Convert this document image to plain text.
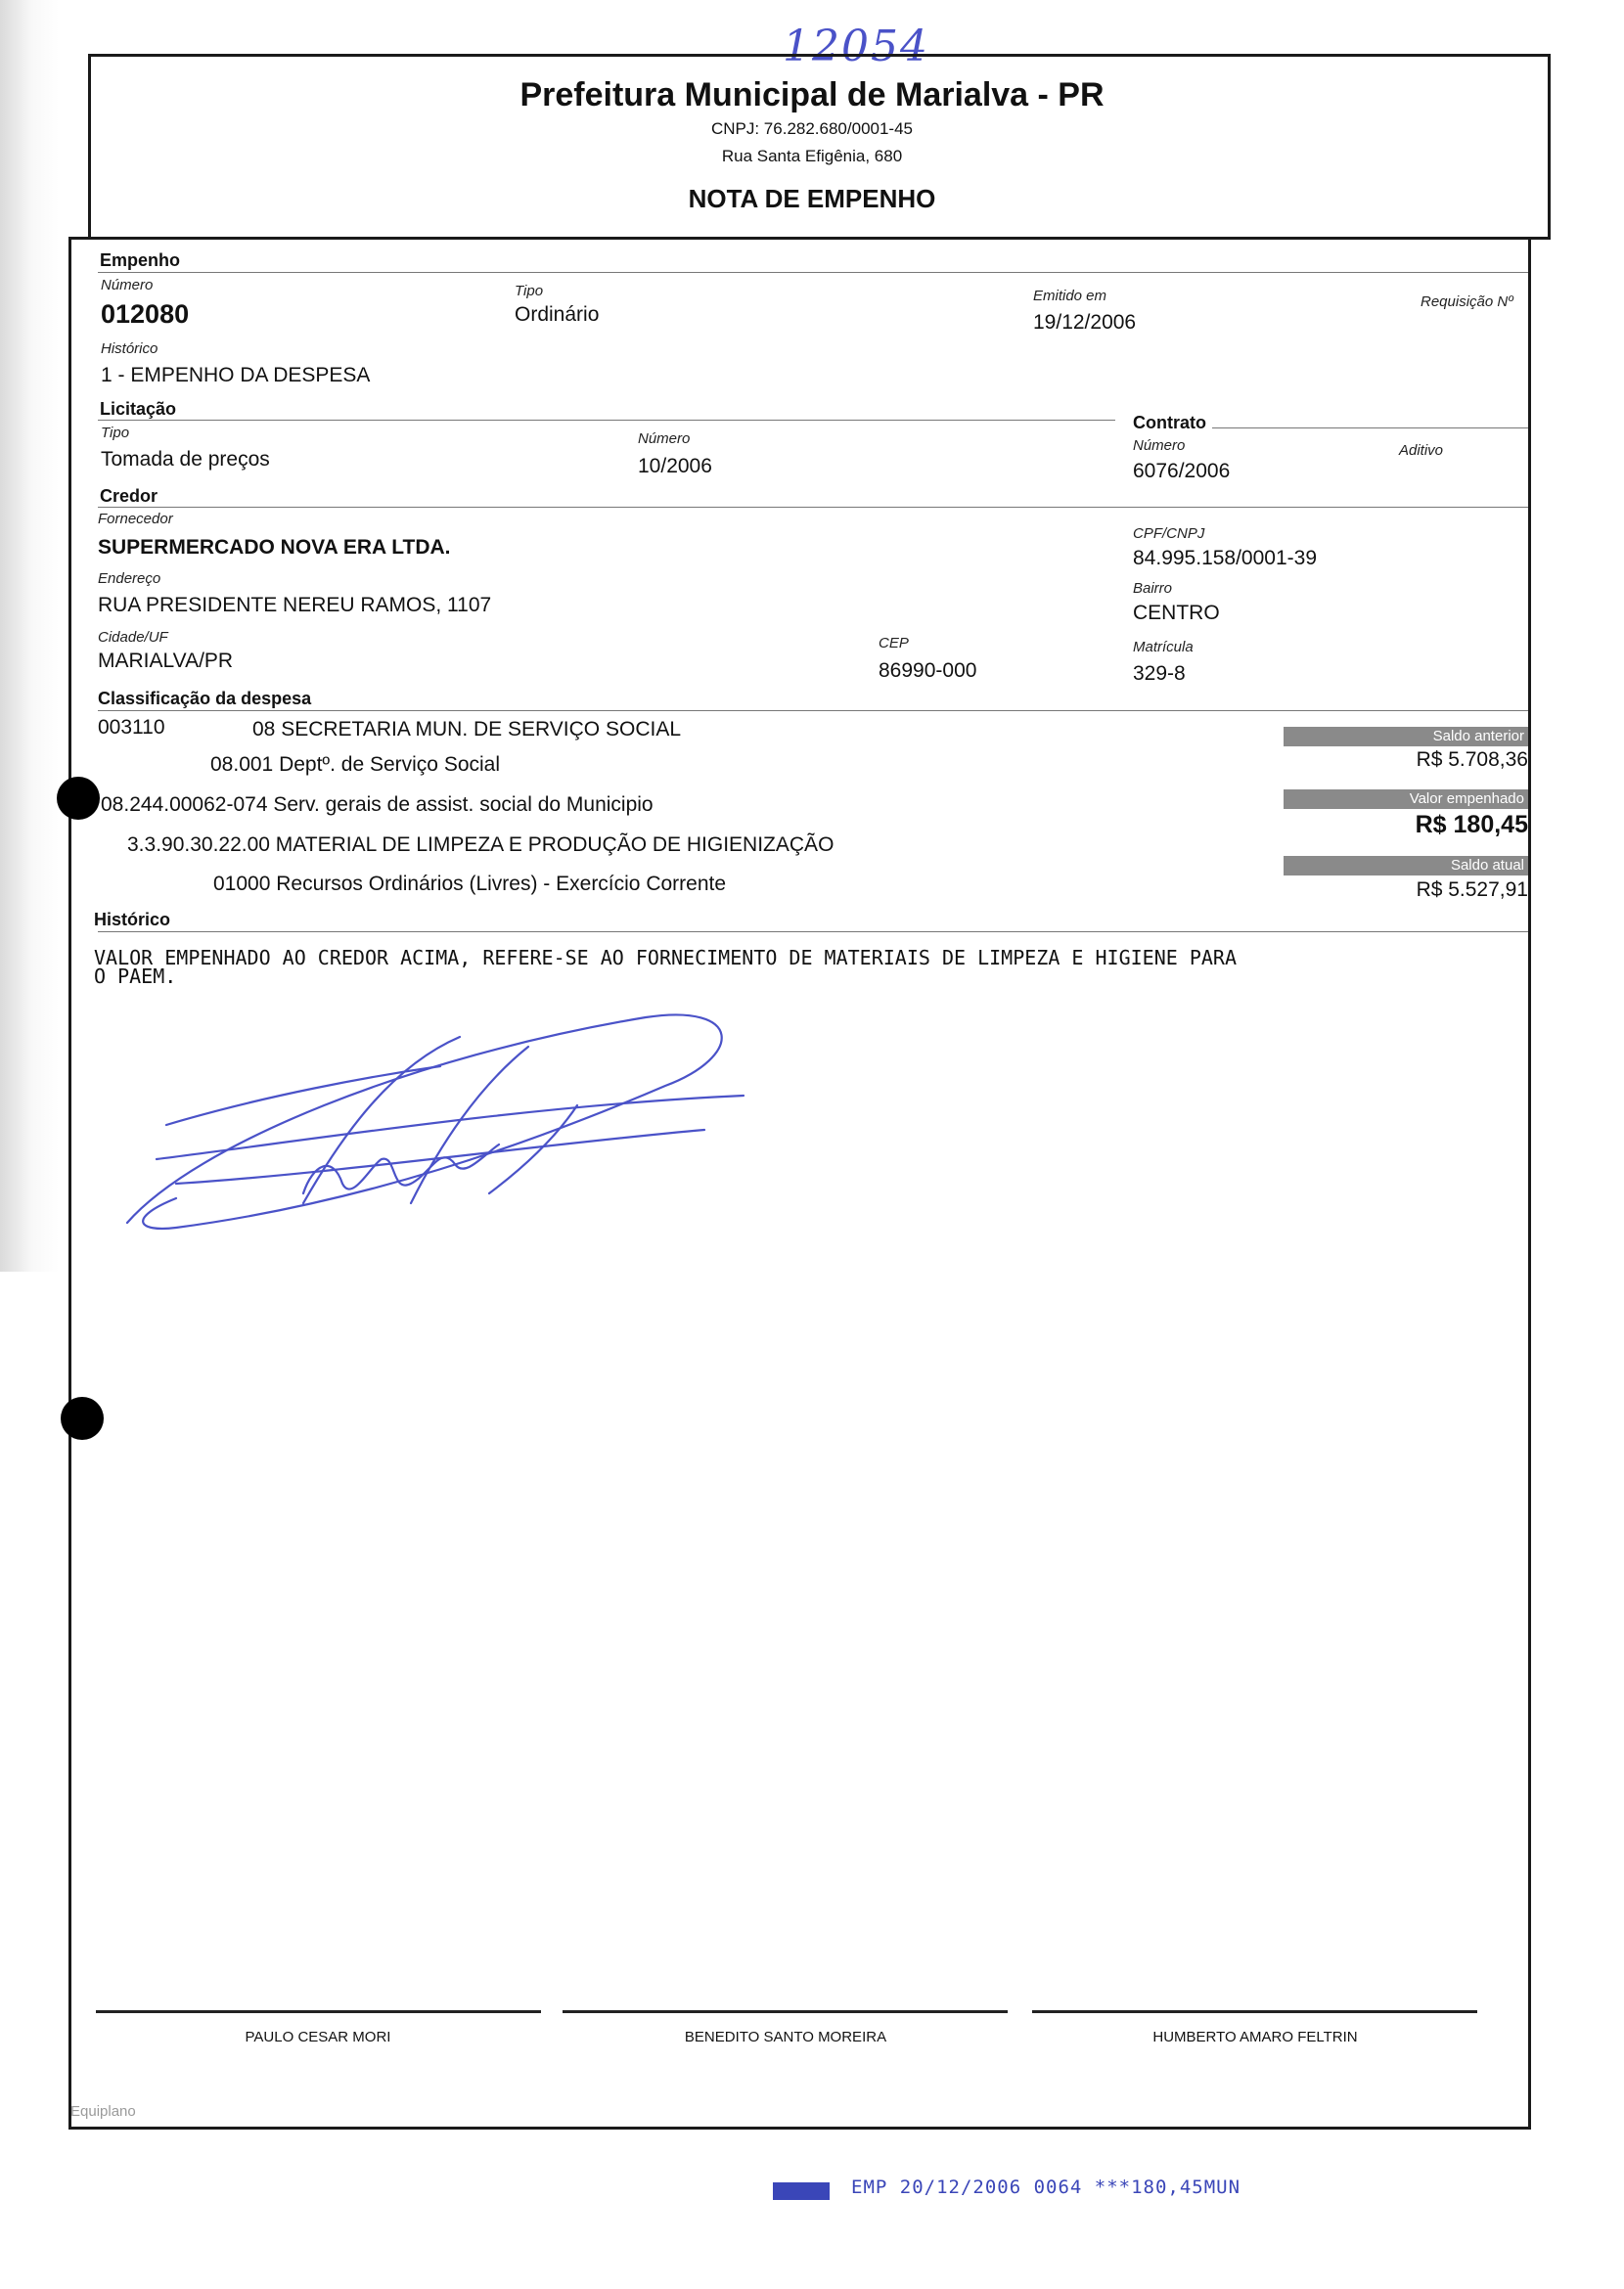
12054
Prefeitura Municipal de Marialva - PR
CNPJ: 76.282.680/0001-45
Rua Santa Efigênia, 680
NOTA DE EMPENHO
Empenho
Número
012080
Tipo
Ordinário
Emitido em
19/12/2006
Requisição Nº
Histórico
1 - EMPENHO DA DESPESA
Licitação
Tipo
Tomada de preços
Número
10/2006
Contrato
Número
6076/2006
Aditivo
Credor
Fornecedor
SUPERMERCADO NOVA ERA LTDA.
CPF/CNPJ
84.995.158/0001-39
Endereço
RUA PRESIDENTE NEREU RAMOS, 1107
Bairro
CENTRO
Cidade/UF
MARIALVA/PR
CEP
86990-000
Matrícula
329-8
Classificação da despesa
003110	08 SECRETARIA MUN. DE SERVIÇO SOCIAL
08.001 Deptº. de Serviço Social
08.244.00062-074 Serv. gerais de assist. social do Municipio
3.3.90.30.22.00 MATERIAL DE LIMPEZA E PRODUÇÃO DE HIGIENIZAÇÃO
01000 Recursos Ordinários (Livres) - Exercício Corrente
Saldo anterior
R$ 5.708,36
Valor empenhado
R$ 180,45
Saldo atual
R$ 5.527,91
Histórico
VALOR EMPENHADO AO CREDOR ACIMA, REFERE-SE AO FORNECIMENTO DE MATERIAIS DE LIMPEZA E HIGIENE PARA
O PAEM.
PAULO CESAR MORI	BENEDITO SANTO MOREIRA	HUMBERTO AMARO FELTRIN
Equiplano
EMP 20/12/2006 0064 ***180,45MUN
